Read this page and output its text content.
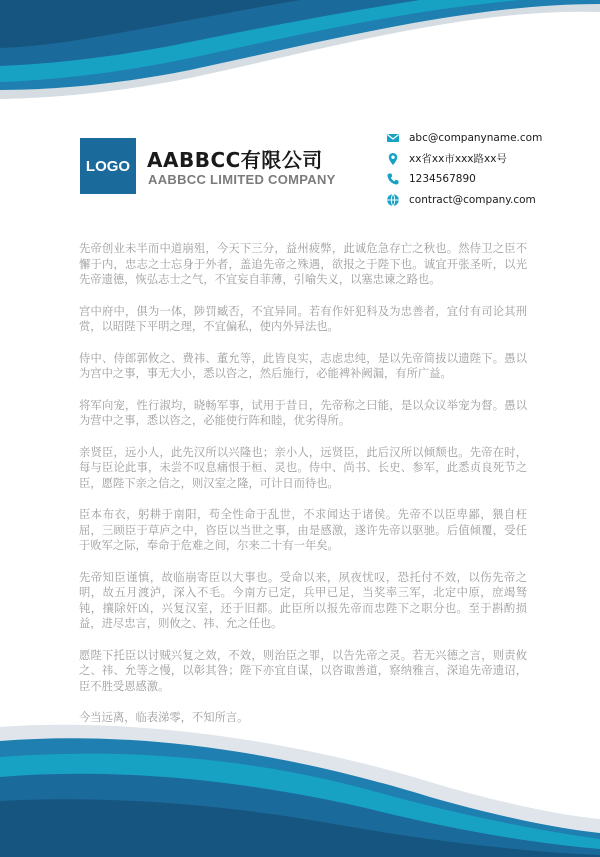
LOGO AABBCC有限公司
AABBCC LIMITED COMPANY
abc@companyname.com
xx省xx市xxx路xx号
1234567890
contract@company.com

先帝创业未半而中道崩殂，今天下三分，益州疲弊，此诚危急存亡之秋也。然侍卫之臣不懈于内，忠志之士忘身于外者，盖追先帝之殊遇，欲报之于陛下也。诚宜开张圣听，以光先帝遗德，恢弘志士之气，不宜妄自菲薄，引喻失义，以塞忠谏之路也。

宫中府中，俱为一体，陟罚臧否，不宜异同。若有作奸犯科及为忠善者，宜付有司论其刑赏，以昭陛下平明之理，不宜偏私，使内外异法也。

侍中、侍郎郭攸之、费祎、董允等，此皆良实，志虑忠纯，是以先帝简拔以遗陛下。愚以为宫中之事，事无大小，悉以咨之，然后施行，必能裨补阙漏，有所广益。

将军向宠，性行淑均，晓畅军事，试用于昔日，先帝称之曰能，是以众议举宠为督。愚以为营中之事，悉以咨之，必能使行阵和睦，优劣得所。

亲贤臣，远小人，此先汉所以兴隆也；亲小人，远贤臣，此后汉所以倾颓也。先帝在时，每与臣论此事，未尝不叹息痛恨于桓、灵也。侍中、尚书、长史、参军，此悉贞良死节之臣，愿陛下亲之信之，则汉室之隆，可计日而待也。

臣本布衣，躬耕于南阳，苟全性命于乱世，不求闻达于诸侯。先帝不以臣卑鄙，猥自枉屈，三顾臣于草庐之中，咨臣以当世之事，由是感激，遂许先帝以驱驰。后值倾覆，受任于败军之际，奉命于危难之间，尔来二十有一年矣。

先帝知臣谨慎，故临崩寄臣以大事也。受命以来，夙夜忧叹，恐托付不效，以伤先帝之明，故五月渡泸，深入不毛。今南方已定，兵甲已足，当奖率三军，北定中原，庶竭驽钝，攘除奸凶，兴复汉室，还于旧都。此臣所以报先帝而忠陛下之职分也。至于斟酌损益，进尽忠言，则攸之、祎、允之任也。

愿陛下托臣以讨贼兴复之效，不效，则治臣之罪，以告先帝之灵。若无兴德之言，则责攸之、祎、允等之慢，以彰其咎；陛下亦宜自谋，以咨诹善道，察纳雅言，深追先帝遗诏，臣不胜受恩感激。

今当远离，临表涕零，不知所言。
